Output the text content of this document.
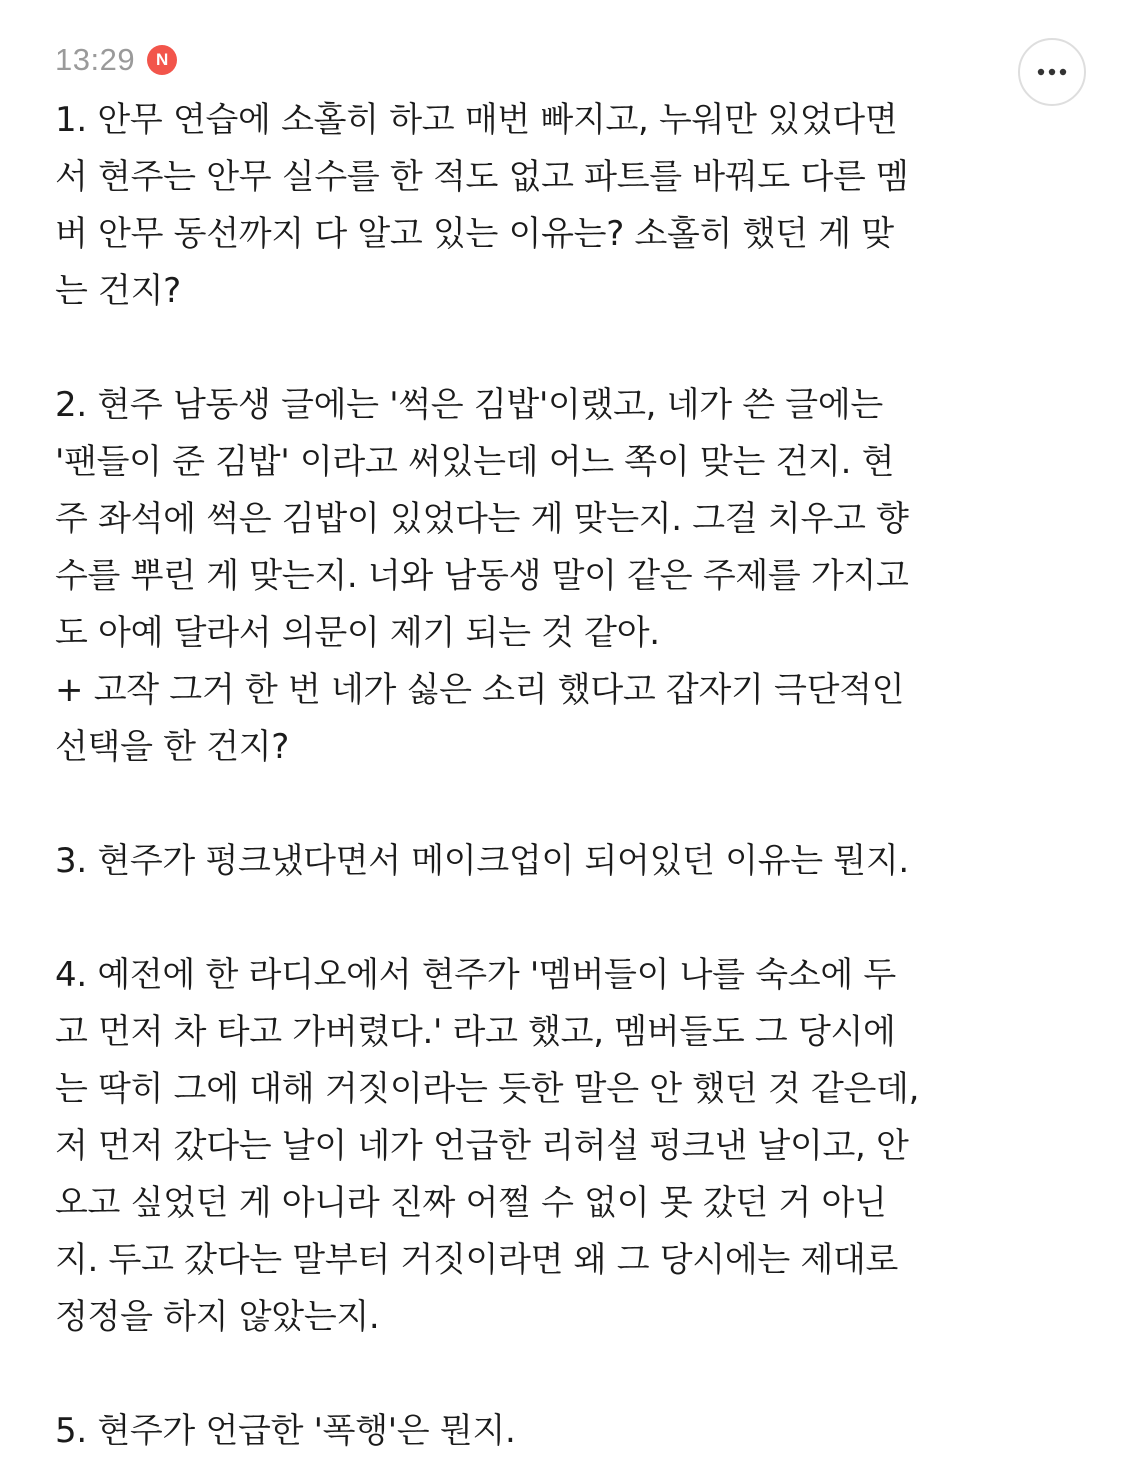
13:29	N

1. 안무 연습에 소홀히 하고 매번 빠지고, 누워만 있었다면
서 현주는 안무 실수를 한 적도 없고 파트를 바꿔도 다른 멤
버 안무 동선까지 다 알고 있는 이유는? 소홀히 했던 게 맞
는 건지?

2. 현주 남동생 글에는 '썩은 김밥'이랬고, 네가 쓴 글에는
'팬들이 준 김밥' 이라고 써있는데 어느 쪽이 맞는 건지. 현
주 좌석에 썩은 김밥이 있었다는 게 맞는지. 그걸 치우고 향
수를 뿌린 게 맞는지. 너와 남동생 말이 같은 주제를 가지고
도 아예 달라서 의문이 제기 되는 것 같아.
+ 고작 그거 한 번 네가 싫은 소리 했다고 갑자기 극단적인
선택을 한 건지?

3. 현주가 펑크냈다면서 메이크업이 되어있던 이유는 뭔지.

4. 예전에 한 라디오에서 현주가 '멤버들이 나를 숙소에 두
고 먼저 차 타고 가버렸다.' 라고 했고, 멤버들도 그 당시에
는 딱히 그에 대해 거짓이라는 듯한 말은 안 했던 것 같은데,
저 먼저 갔다는 날이 네가 언급한 리허설 펑크낸 날이고, 안
오고 싶었던 게 아니라 진짜 어쩔 수 없이 못 갔던 거 아닌
지. 두고 갔다는 말부터 거짓이라면 왜 그 당시에는 제대로
정정을 하지 않았는지.

5. 현주가 언급한 '폭행'은 뭔지.
